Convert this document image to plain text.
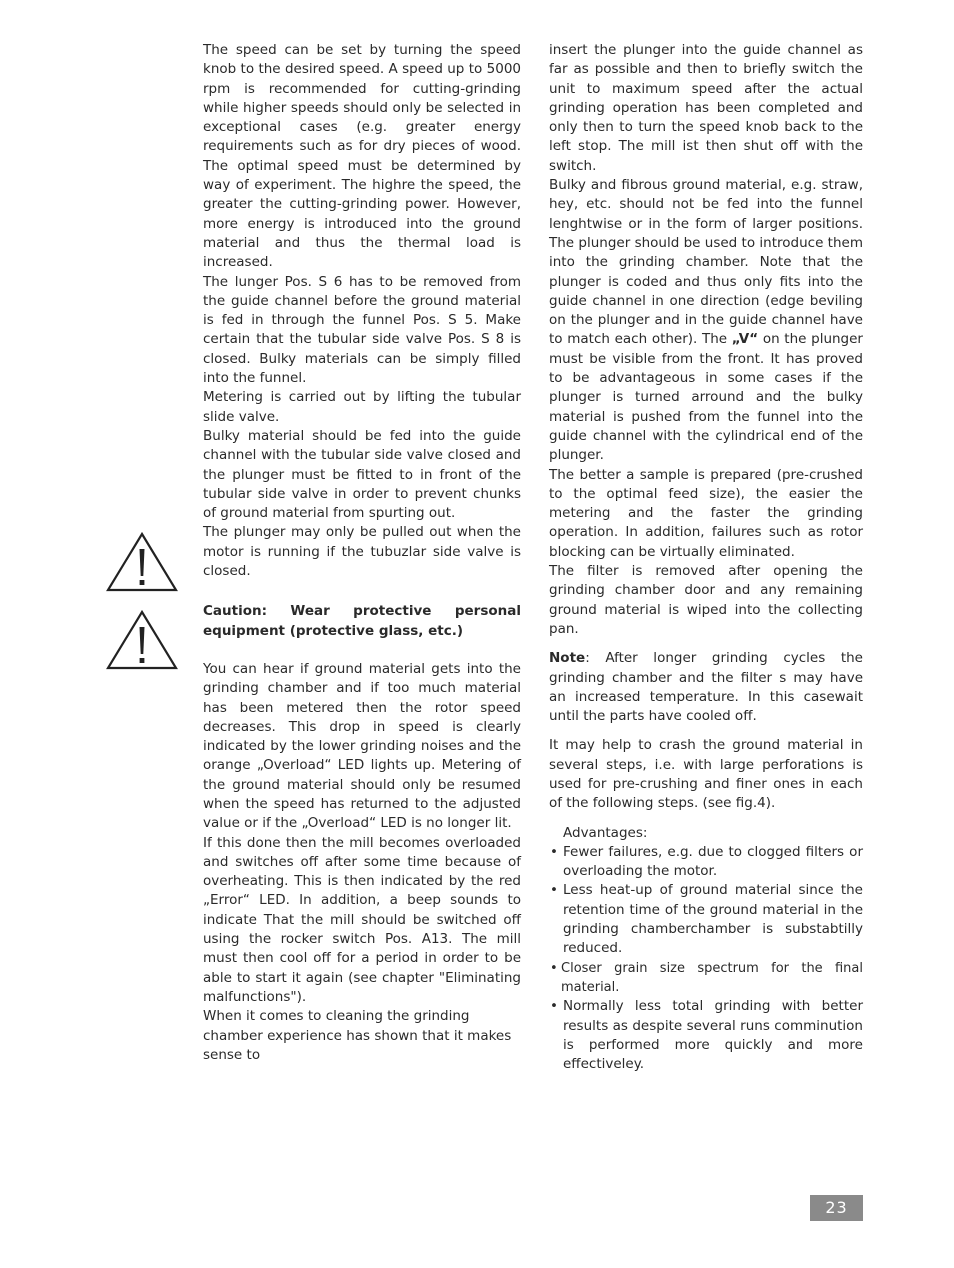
The speed can be set by turning the speed knob to the desired speed. A speed up to 5000 rpm is recommended for cutting-grinding while higher speeds should only be selected in exceptional cases (e.g. greater energy requirements such as for dry pieces of wood. The optimal speed must be determined by way of experiment. The highre the speed, the greater the cutting-grinding power. However, more energy is introduced into the ground material and thus the thermal load is increased.

The lunger Pos. S 6 has to be removed from the guide channel before the ground material is fed in through the funnel Pos. S 5. Make certain that the tubular side valve Pos. S 8 is closed. Bulky materials can be simply filled into the funnel.

Metering is carried out by lifting the tubular slide valve.

Bulky material should be fed into the guide channel with the tubular side valve closed and the plunger must be fitted to in front of the tubular side valve in order to prevent chunks of ground material from spurting out.

The plunger may only be pulled out when the motor is running if the tubuzlar side valve is closed.

Caution: Wear protective personal equipment (protective glass, etc.)

You can hear if ground material gets into the grinding chamber and if too much material has been metered then the rotor speed decreases. This drop in speed is clearly indicated by the lower grinding noises and the orange „Overload“ LED lights up. Metering of the ground material should only be resumed when the speed has returned to the adjusted value or if the „Overload“ LED is no longer lit.

If this done then the mill becomes overloaded and switches off after some time because of overheating. This is then indicated by the red „Error“ LED. In addition, a beep sounds to indicate That the mill should be switched off using the rocker switch Pos. A13. The mill must then cool off for a period in order to be able to start it again (see chapter "Eliminating malfunctions").

When it comes to cleaning the grinding chamber experience has shown that it makes sense to

insert the plunger into the guide channel as far as possible and then to briefly switch the unit to maximum speed after the actual grinding operation has been completed and only then to turn the speed knob back to the left stop. The mill ist then shut off with the switch.

Bulky and fibrous ground material, e.g. straw, hey, etc. should not be fed into the funnel lenghtwise or in the form of larger positions. The plunger should be used to introduce them into the grinding chamber. Note that the plunger is coded and thus only fits into the guide channel in one direction (edge beviling on the plunger and in the guide channel have to match each other). The „V“ on the plunger must be visible from the front. It has proved to be advantageous in some cases if the plunger is turned arround and the bulky material is pushed from the funnel into the guide channel with the cylindrical end of the plunger.

The better a sample is prepared (pre-crushed to the optimal feed size), the easier the metering and the faster the grinding operation. In addition, failures such as rotor blocking can be virtually eliminated.

The filter is removed after opening the grinding chamber door and any remaining ground material is wiped into the collecting pan.

Note: After longer grinding cycles the grinding chamber and the filter s may have an increased temperature. In this casewait until the parts have cooled off.

It may help to crash the ground material in several steps, i.e. with large perforations is used for pre-crushing and finer ones in each of the following steps. (see fig.4).

Advantages:

• Fewer failures, e.g. due to clogged filters or overloading the motor.
• Less heat-up of ground material since the retention time of the ground material in the grinding chamberchamber is substabtilly reduced.
• Closer grain size spectrum for the final material.
• Normally less total grinding with better results as despite several runs comminution is performed more quickly and more effectiveley.
23
